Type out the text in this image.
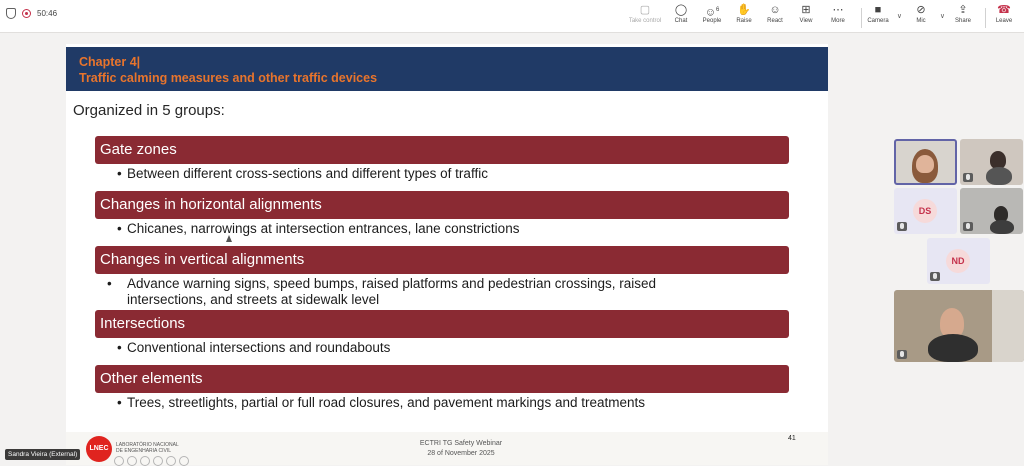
50:46	▢
Take control
◯
Chat
☺$^6$
People
✋
Raise
☺
React
⊞
View
⋯
More
■
Camera
∨
⊘
Mic
∨
⇪
Share
☎
Leave
Chapter 4|
Traffic calming measures and other traffic devices
Organized in 5 groups:
Gate zones
• Between different cross-sections and different types of traffic
Changes in horizontal alignments
• Chicanes, narrowings at intersection entrances, lane constrictions
Changes in vertical alignments
• Advance warning signs, speed bumps, raised platforms and pedestrian crossings, raised intersections, and streets at sidewalk level
Intersections
• Conventional intersections and roundabouts
Other elements
• Trees, streetlights, partial or full road closures, and pavement markings and treatments
LNEC	LABORATÓRIO NACIONAL
DE ENGENHARIA CIVIL
ECTRI TG Safety Webinar
28 of November 2025
41
Sandra Vieira (External)
DS
ND
